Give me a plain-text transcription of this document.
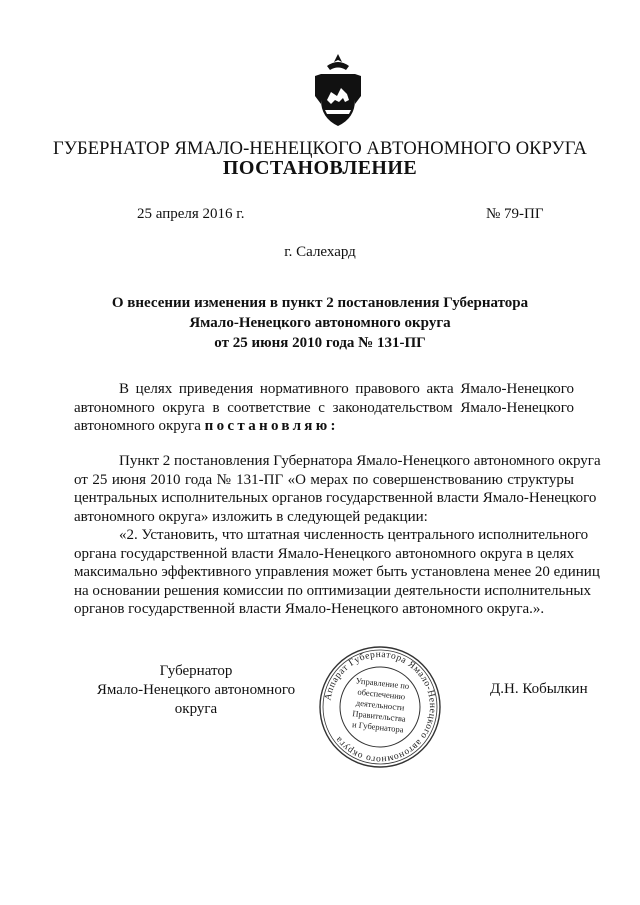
ГУБЕРНАТОР ЯМАЛО-НЕНЕЦКОГО АВТОНОМНОГО ОКРУГА
ПОСТАНОВЛЕНИЕ
25 апреля 2016 г.	№ 79-ПГ
г. Салехард
О внесении изменения в пункт 2 постановления Губернатора
Ямало-Ненецкого автономного округа
от 25 июня 2010 года № 131-ПГ
В целях приведения нормативного правового акта Ямало-Ненецкого
автономного округа в соответствие с законодательством Ямало-Ненецкого
автономного округа постановляю:
Пункт 2 постановления Губернатора Ямало-Ненецкого автономного округа
от 25 июня 2010 года № 131-ПГ «О мерах по совершенствованию структуры
центральных исполнительных органов государственной власти Ямало-Ненецкого
автономного округа» изложить в следующей редакции:
«2. Установить, что штатная численность центрального исполнительного
органа государственной власти Ямало-Ненецкого автономного округа в целях
максимально эффективного управления может быть установлена менее 20 единиц
на основании решения комиссии по оптимизации деятельности исполнительных
органов государственной власти Ямало-Ненецкого автономного округа.».
Губернатор
Ямало-Ненецкого автономного округа
Аппарат Губернатора Ямало-Ненецкого автономного округа
Управление по
обеспечению
деятельности
Правительства
и Губернатора
Д.Н. Кобылкин
